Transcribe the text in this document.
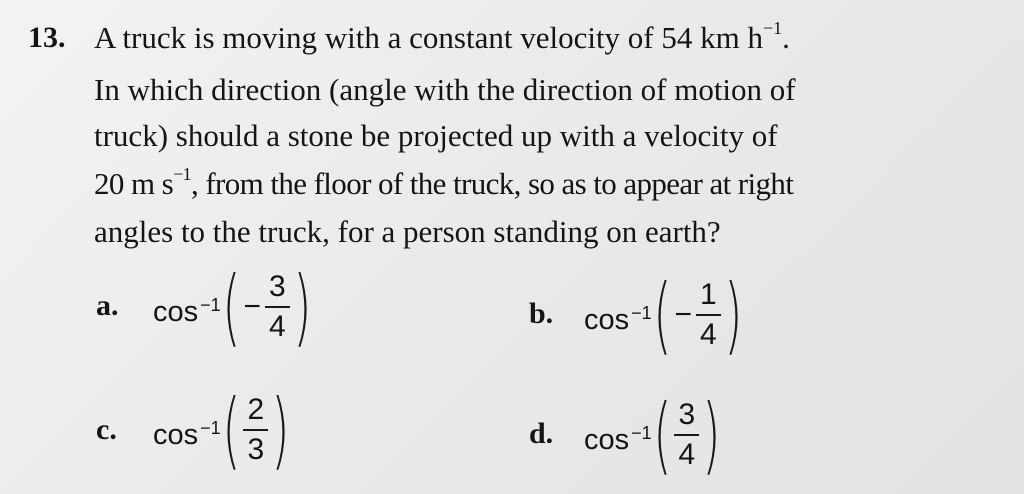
13. A truck is moving with a constant velocity of 54 km $h^{-1}$.
In which direction (angle with the direction of motion of
truck) should a stone be projected up with a velocity of
20 m $s^{-1}$, from the floor of the truck, so as to appear at right
angles to the truck, for a person standing on earth?
a. cos $^{-1}$ ( − $\frac{3}{4}$ )	b. cos $^{-1}$ ( − $\frac{1}{4}$ )
c. cos $^{-1}$ ( $\frac{2}{3}$ )	d. cos $^{-1}$ ( $\frac{3}{4}$ )
